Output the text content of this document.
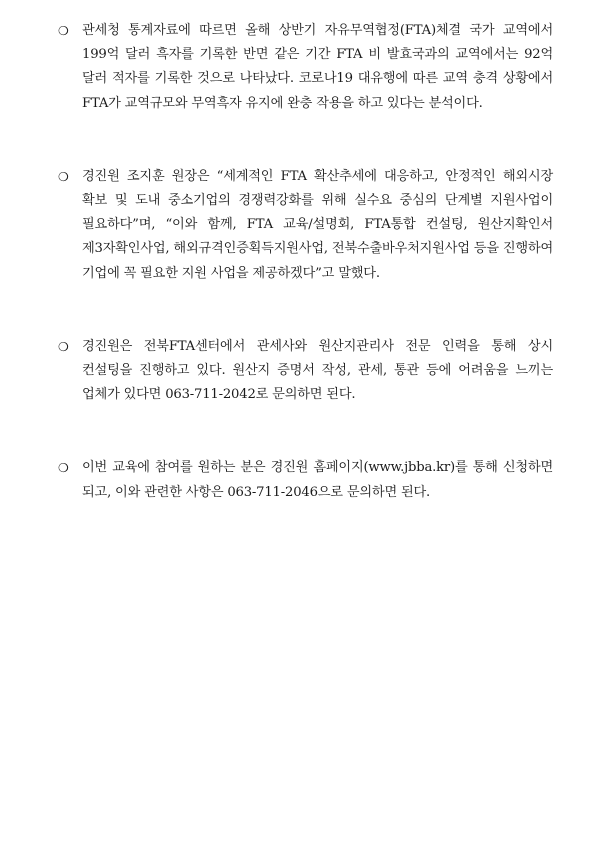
❍ 관세청 통계자료에 따르면 올해 상반기 자유무역협정(FTA)체결 국가 교역에서 199억 달러 흑자를 기록한 반면 같은 기간 FTA 비 발효국과의 교역에서는 92억 달러 적자를 기록한 것으로 나타났다. 코로나19 대유행에 따른 교역 충격 상황에서 FTA가 교역규모와 무역흑자 유지에 완충 작용을 하고 있다는 분석이다.
❍ 경진원 조지훈 원장은 “세계적인 FTA 확산추세에 대응하고, 안정적인 해외시장 확보 및 도내 중소기업의 경쟁력강화를 위해 실수요 중심의 단계별 지원사업이 필요하다”며, “이와 함께, FTA 교육/설명회, FTA통합 컨설팅, 원산지확인서 제3자확인사업, 해외규격인증획득지원사업, 전북수출바우처지원사업 등을 진행하여 기업에 꼭 필요한 지원 사업을 제공하겠다”고 말했다.
❍ 경진원은 전북FTA센터에서 관세사와 원산지관리사 전문 인력을 통해 상시 컨설팅을 진행하고 있다. 원산지 증명서 작성, 관세, 통관 등에 어려움을 느끼는 업체가 있다면 063-711-2042로 문의하면 된다.
❍ 이번 교육에 참여를 원하는 분은 경진원 홈페이지(www.jbba.kr)를 통해 신청하면 되고, 이와 관련한 사항은 063-711-2046으로 문의하면 된다.
